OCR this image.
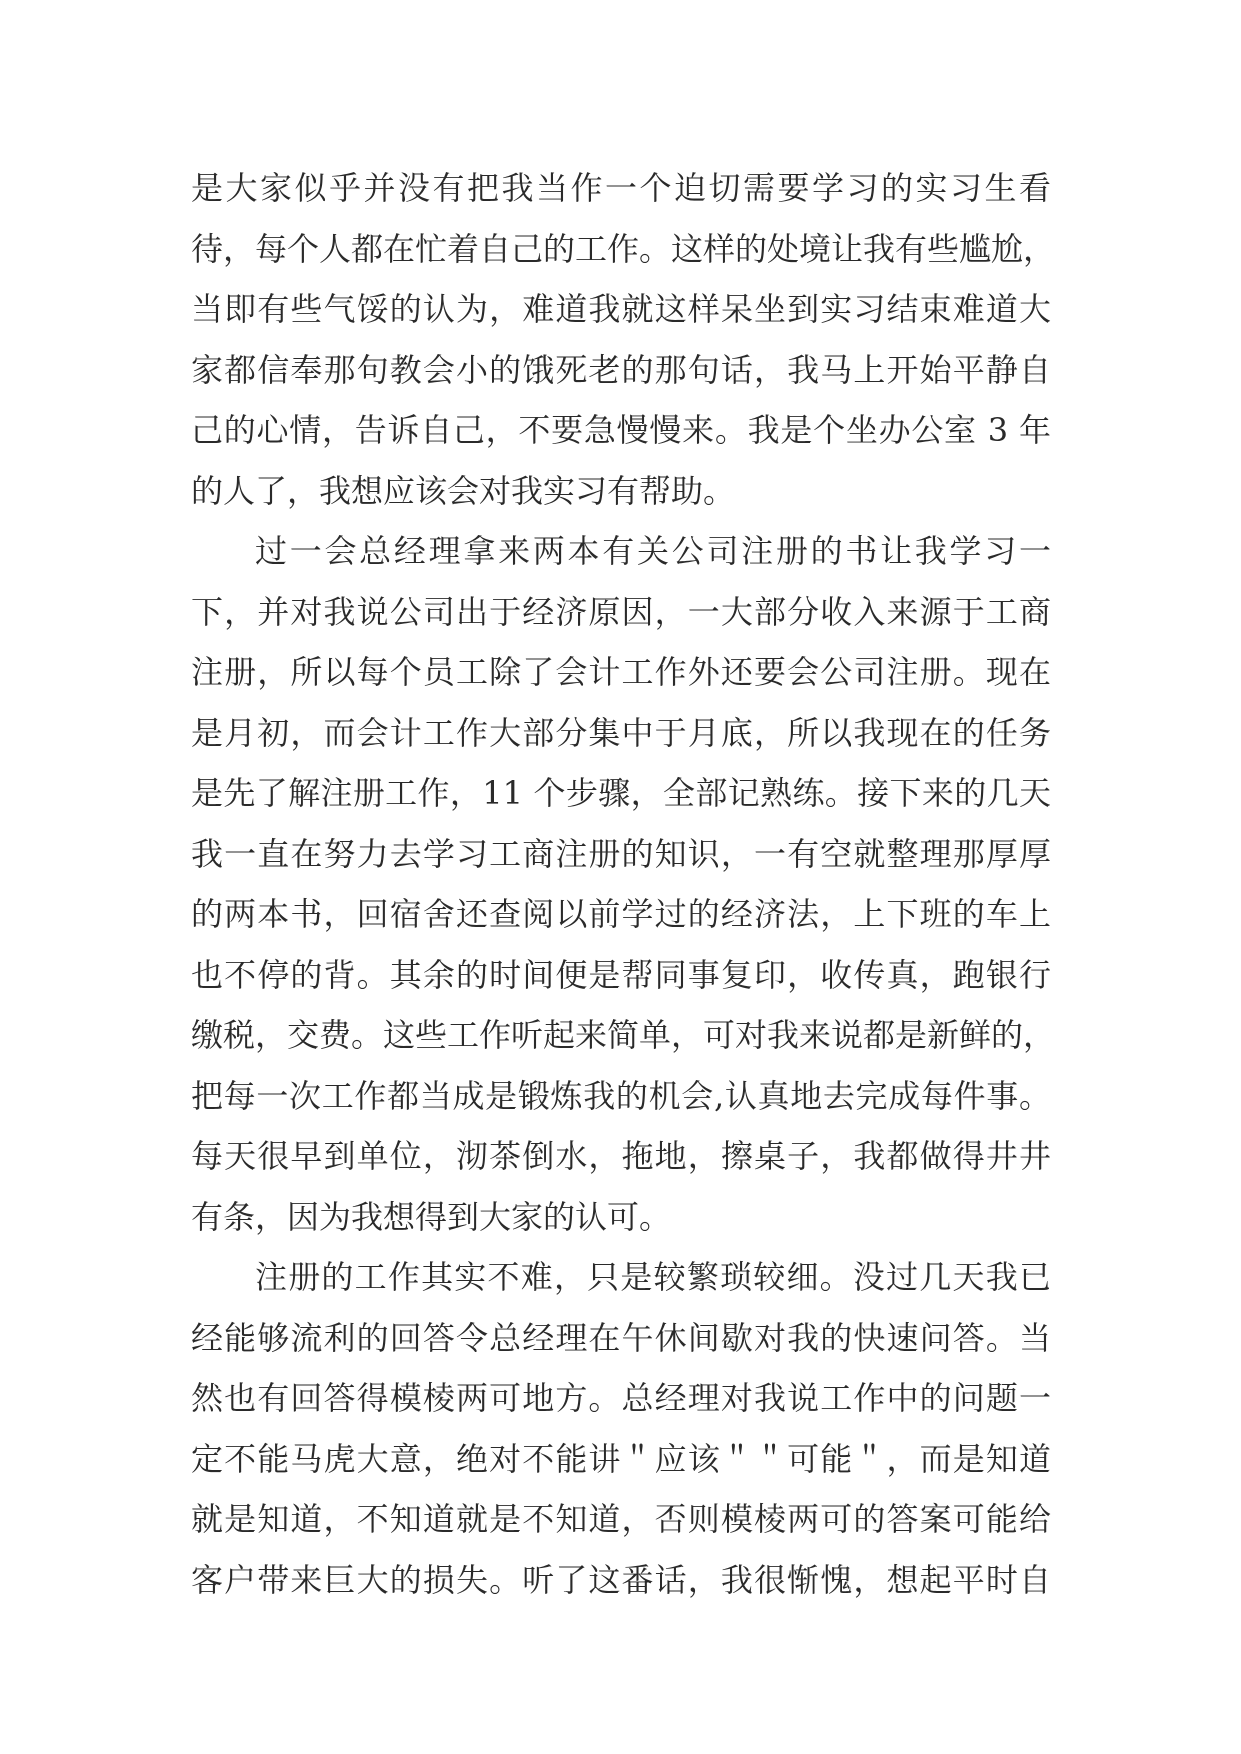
是大家似乎并没有把我当作一个迫切需要学习的实习生看
待，每个人都在忙着自己的工作。这样的处境让我有些尴尬，
当即有些气馁的认为，难道我就这样呆坐到实习结束难道大
家都信奉那句教会小的饿死老的那句话，我马上开始平静自
己的心情，告诉自己，不要急慢慢来。我是个坐办公室 3 年
的人了，我想应该会对我实习有帮助。
过一会总经理拿来两本有关公司注册的书让我学习一
下，并对我说公司出于经济原因，一大部分收入来源于工商
注册，所以每个员工除了会计工作外还要会公司注册。现在
是月初，而会计工作大部分集中于月底，所以我现在的任务
是先了解注册工作，11 个步骤，全部记熟练。接下来的几天
我一直在努力去学习工商注册的知识，一有空就整理那厚厚
的两本书，回宿舍还查阅以前学过的经济法，上下班的车上
也不停的背。其余的时间便是帮同事复印，收传真，跑银行
缴税，交费。这些工作听起来简单，可对我来说都是新鲜的，
把每一次工作都当成是锻炼我的机会,认真地去完成每件事。
每天很早到单位，沏茶倒水，拖地，擦桌子，我都做得井井
有条，因为我想得到大家的认可。
注册的工作其实不难，只是较繁琐较细。没过几天我已
经能够流利的回答令总经理在午休间歇对我的快速问答。当
然也有回答得模棱两可地方。总经理对我说工作中的问题一
定不能马虎大意，绝对不能讲＂应该＂＂可能＂，而是知道
就是知道，不知道就是不知道，否则模棱两可的答案可能给
客户带来巨大的损失。听了这番话，我很惭愧，想起平时自
